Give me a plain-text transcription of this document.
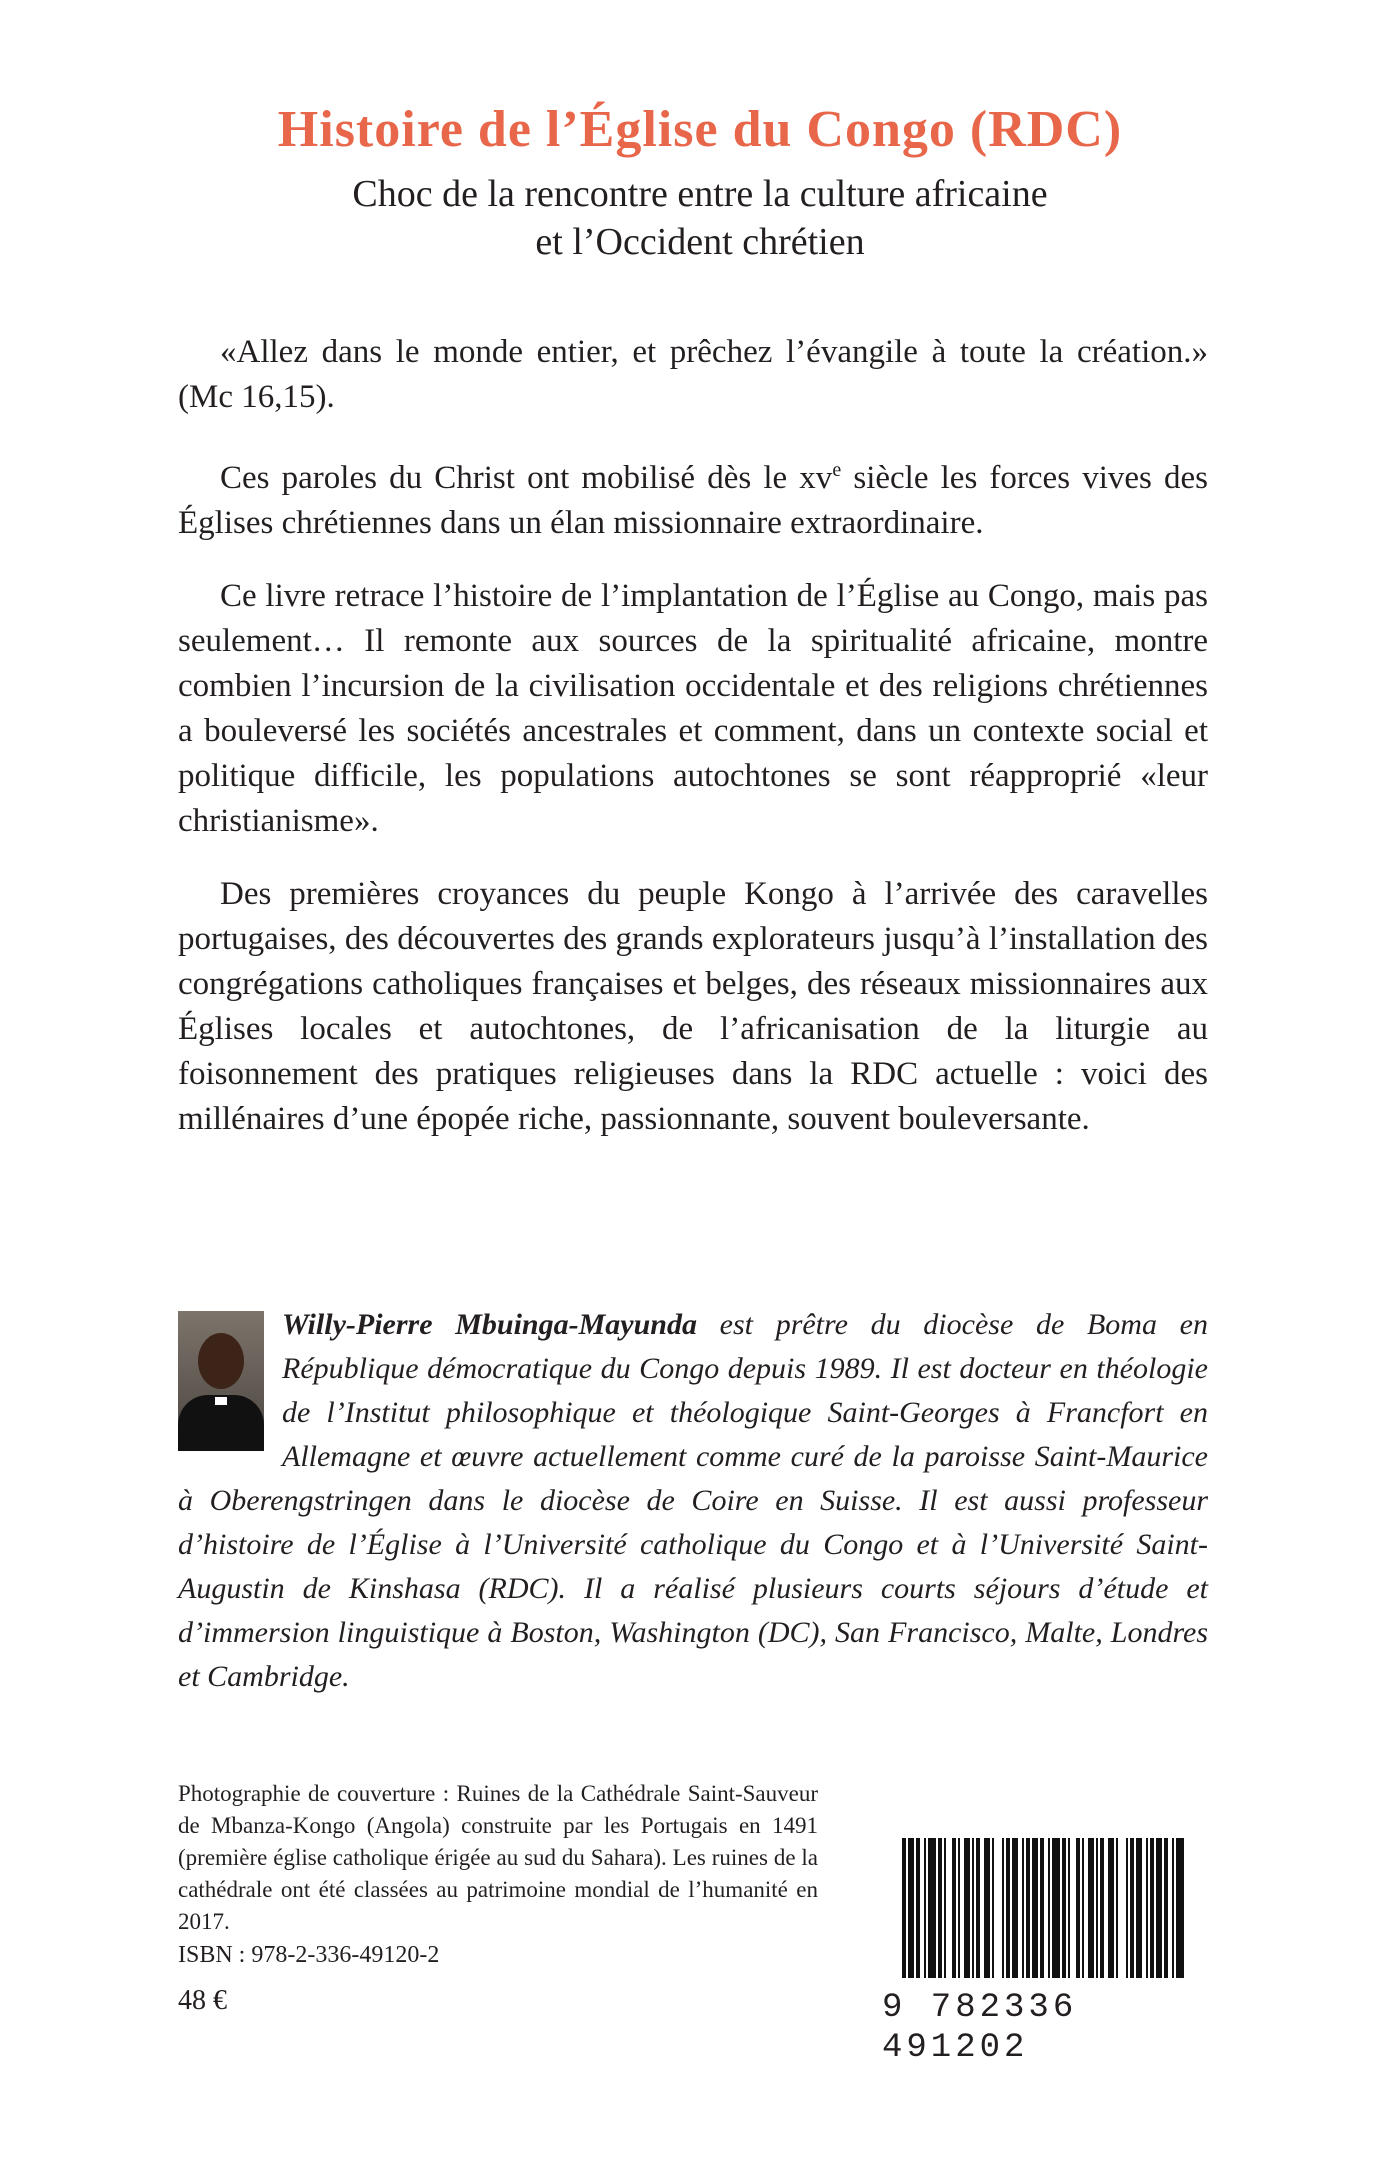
Histoire de l’Église du Congo (RDC)
Choc de la rencontre entre la culture africaine
et l’Occident chrétien

«Allez dans le monde entier, et prêchez l’évangile à toute la création.» (Mc 16,15).

Ces paroles du Christ ont mobilisé dès le $xv^e$ siècle les forces vives des Églises chrétiennes dans un élan missionnaire extraordinaire.

Ce livre retrace l’histoire de l’implantation de l’Église au Congo, mais pas seulement… Il remonte aux sources de la spiritualité africaine, montre combien l’incursion de la civilisation occidentale et des religions chrétiennes a bouleversé les sociétés ancestrales et comment, dans un contexte social et politique difficile, les populations autochtones se sont réapproprié «leur christianisme».

Des premières croyances du peuple Kongo à l’arrivée des caravelles portugaises, des découvertes des grands explorateurs jusqu’à l’installation des congrégations catholiques françaises et belges, des réseaux missionnaires aux Églises locales et autochtones, de l’africanisation de la liturgie au foisonnement des pratiques religieuses dans la RDC actuelle : voici des millénaires d’une épopée riche, passionnante, souvent bouleversante.

Willy-Pierre Mbuinga-Mayunda est prêtre du diocèse de Boma en République démocratique du Congo depuis 1989. Il est docteur en théologie de l’Institut philosophique et théologique Saint-Georges à Francfort en Allemagne et œuvre actuellement comme curé de la paroisse Saint-Maurice à Oberengstringen dans le diocèse de Coire en Suisse. Il est aussi professeur d’histoire de l’Église à l’Université catholique du Congo et à l’Université Saint-Augustin de Kinshasa (RDC). Il a réalisé plusieurs courts séjours d’étude et d’immersion linguistique à Boston, Washington (DC), San Francisco, Malte, Londres et Cambridge.

Photographie de couverture : Ruines de la Cathédrale Saint-Sauveur de Mbanza-Kongo (Angola) construite par les Portugais en 1491 (première église catholique érigée au sud du Sahara). Les ruines de la cathédrale ont été classées au patrimoine mondial de l’humanité en 2017.

ISBN : 978-2-336-49120-2

48 €	9 782336 491202
